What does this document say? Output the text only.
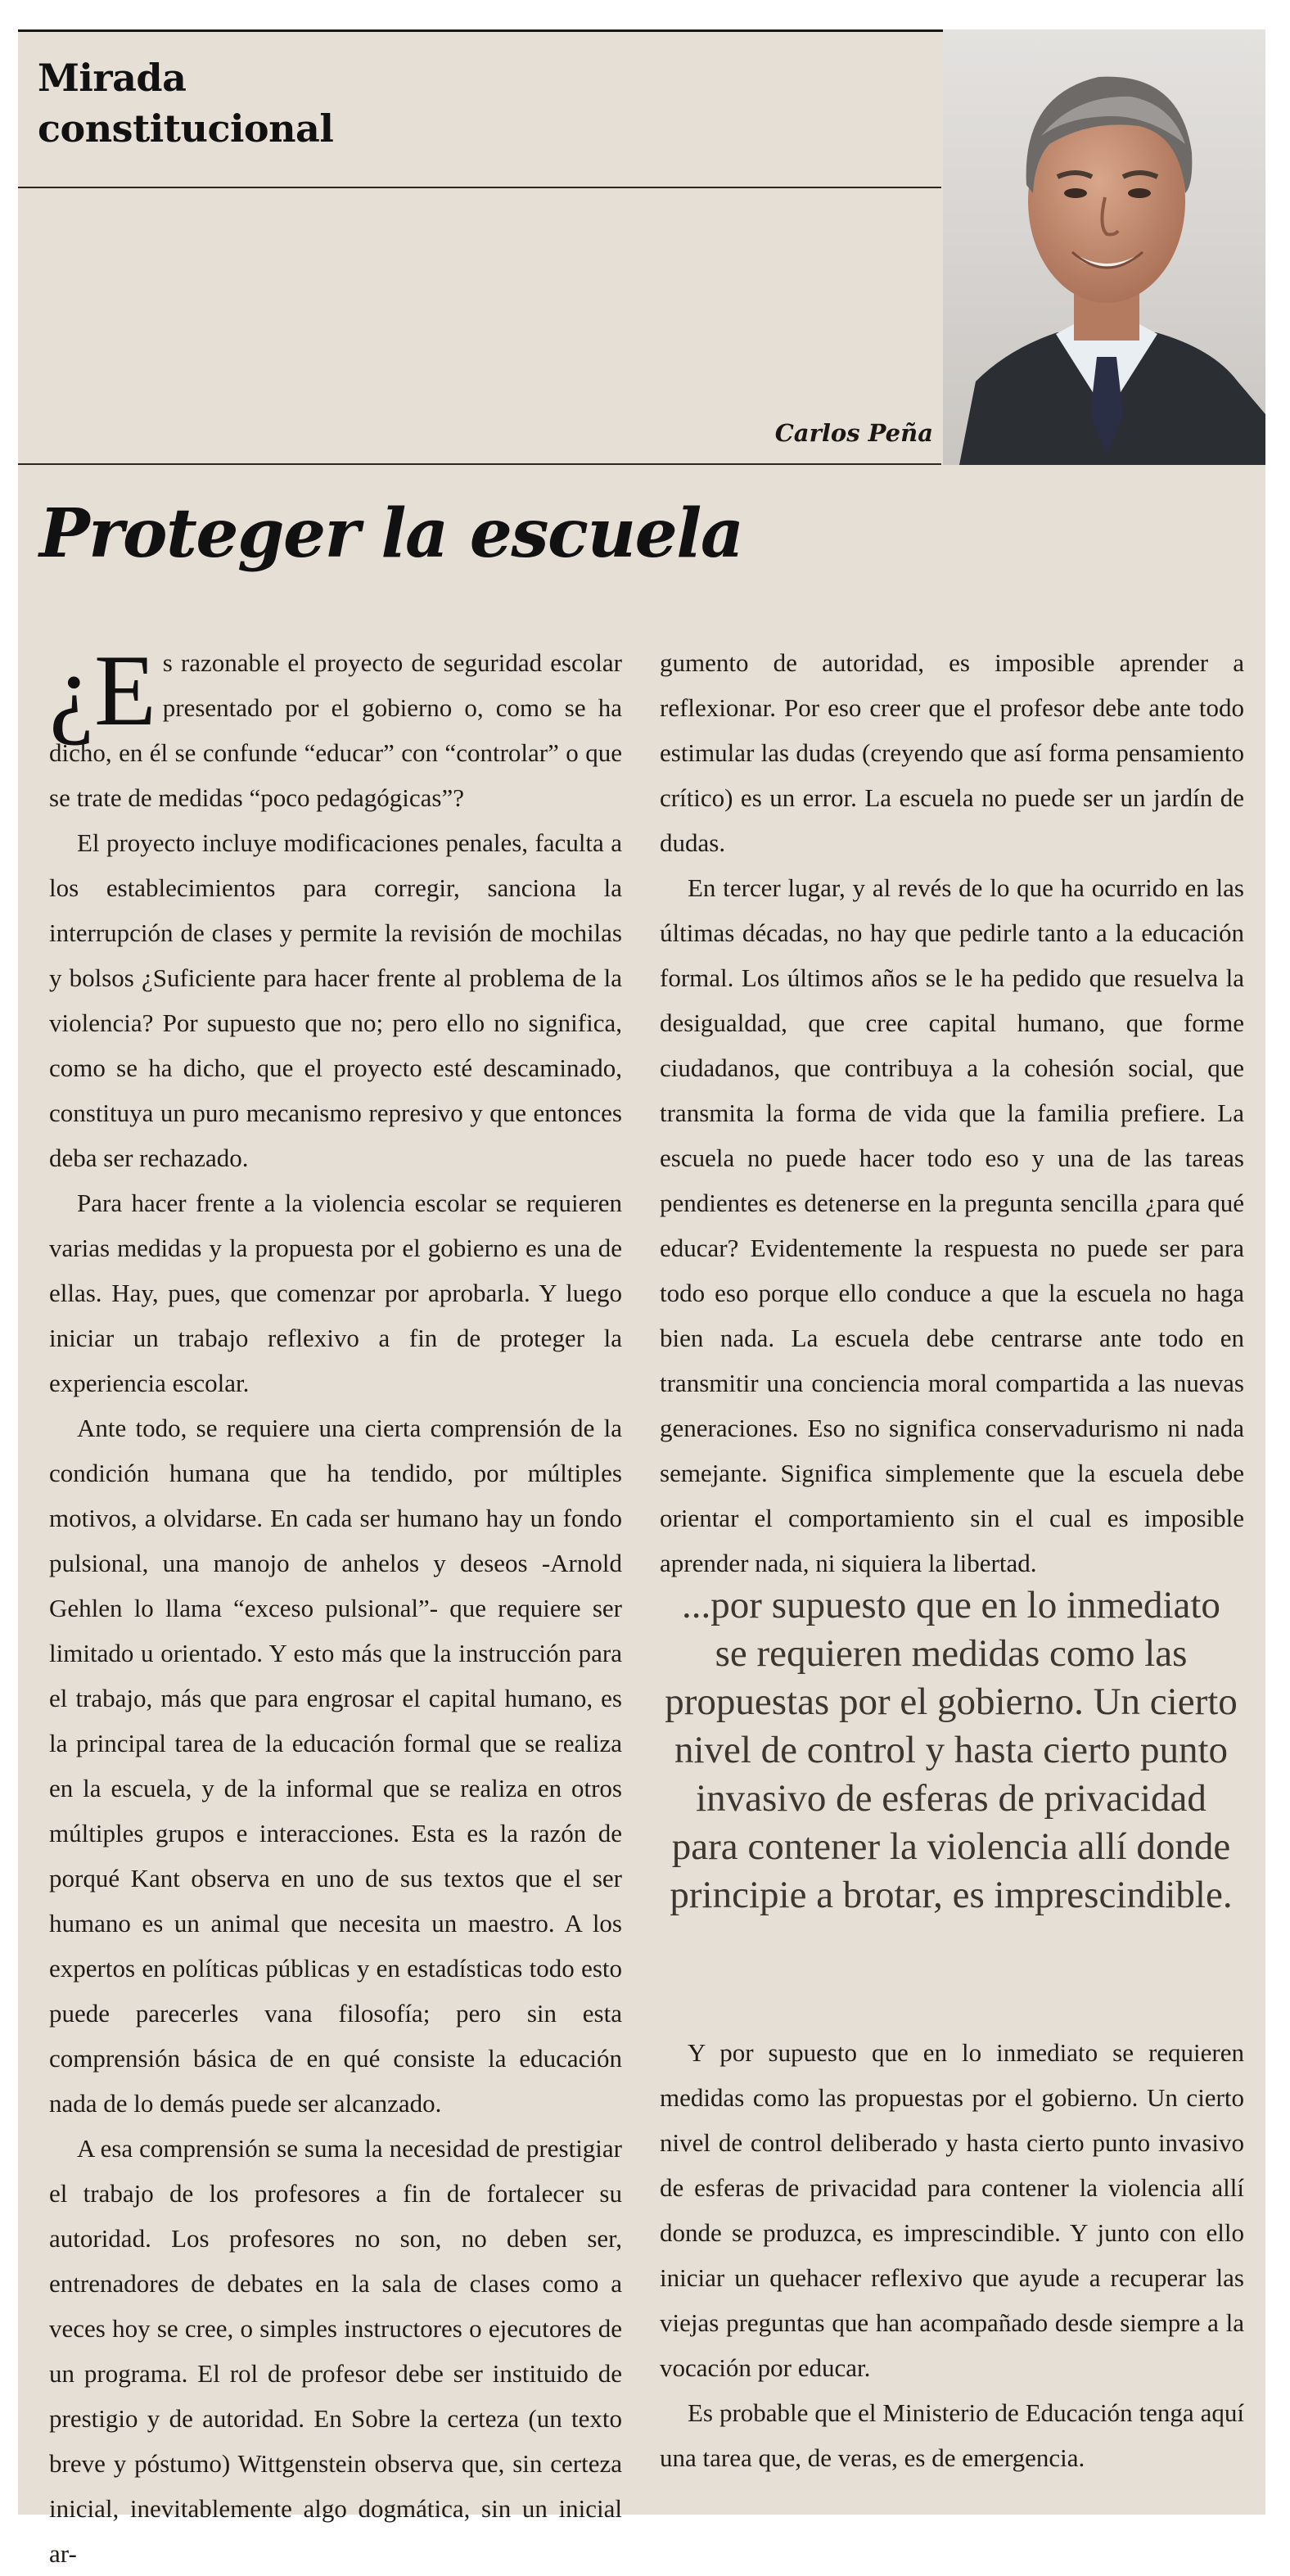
Mirada
constitucional
Carlos Peña
Proteger la escuela

¿E s razonable el proyecto de seguridad escolar presentado por el gobierno o, como se ha dicho, en él se confunde “educar” con “controlar” o que se trate de medidas “poco pedagógicas”?

El proyecto incluye modificaciones penales, faculta a los establecimientos para corregir, sanciona la interrupción de clases y permite la revisión de mochilas y bolsos ¿Suficiente para hacer frente al problema de la violencia? Por supuesto que no; pero ello no significa, como se ha dicho, que el proyecto esté descaminado, constituya un puro mecanismo represivo y que entonces deba ser rechazado.

Para hacer frente a la violencia escolar se requieren varias medidas y la propuesta por el gobierno es una de ellas. Hay, pues, que comenzar por aprobarla. Y luego iniciar un trabajo reflexivo a fin de proteger la experiencia escolar.

Ante todo, se requiere una cierta comprensión de la condición humana que ha tendido, por múltiples motivos, a olvidarse. En cada ser humano hay un fondo pulsional, una manojo de anhelos y deseos -Arnold Gehlen lo llama “exceso pulsional”- que requiere ser limitado u orientado. Y esto más que la instrucción para el trabajo, más que para engrosar el capital humano, es la principal tarea de la educación formal que se realiza en la escuela, y de la informal que se realiza en otros múltiples grupos e interacciones. Esta es la razón de porqué Kant observa en uno de sus textos que el ser humano es un animal que necesita un maestro. A los expertos en políticas públicas y en estadísticas todo esto puede parecerles vana filosofía; pero sin esta comprensión básica de en qué consiste la educación nada de lo demás puede ser alcanzado.

A esa comprensión se suma la necesidad de prestigiar el trabajo de los profesores a fin de fortalecer su autoridad. Los profesores no son, no deben ser, entrenadores de debates en la sala de clases como a veces hoy se cree, o simples instructores o ejecutores de un programa. El rol de profesor debe ser instituido de prestigio y de autoridad. En Sobre la certeza (un texto breve y póstumo) Wittgenstein observa que, sin certeza inicial, inevitablemente algo dogmática, sin un inicial ar-

gumento de autoridad, es imposible aprender a reflexionar. Por eso creer que el profesor debe ante todo estimular las dudas (creyendo que así forma pensamiento crítico) es un error. La escuela no puede ser un jardín de dudas.

En tercer lugar, y al revés de lo que ha ocurrido en las últimas décadas, no hay que pedirle tanto a la educación formal. Los últimos años se le ha pedido que resuelva la desigualdad, que cree capital humano, que forme ciudadanos, que contribuya a la cohesión social, que transmita la forma de vida que la familia prefiere. La escuela no puede hacer todo eso y una de las tareas pendientes es detenerse en la pregunta sencilla ¿para qué educar? Evidentemente la respuesta no puede ser para todo eso porque ello conduce a que la escuela no haga bien nada. La escuela debe centrarse ante todo en transmitir una conciencia moral compartida a las nuevas generaciones. Eso no significa conservadurismo ni nada semejante. Significa simplemente que la escuela debe orientar el comportamiento sin el cual es imposible aprender nada, ni siquiera la libertad.

...por supuesto que en lo inmediato se requieren medidas como las propuestas por el gobierno. Un cierto nivel de control y hasta cierto punto invasivo de esferas de privacidad para contener la violencia allí donde principie a brotar, es imprescindible.

Y por supuesto que en lo inmediato se requieren medidas como las propuestas por el gobierno. Un cierto nivel de control deliberado y hasta cierto punto invasivo de esferas de privacidad para contener la violencia allí donde se produzca, es imprescindible. Y junto con ello iniciar un quehacer reflexivo que ayude a recuperar las viejas preguntas que han acompañado desde siempre a la vocación por educar.

Es probable que el Ministerio de Educación tenga aquí una tarea que, de veras, es de emergencia.
